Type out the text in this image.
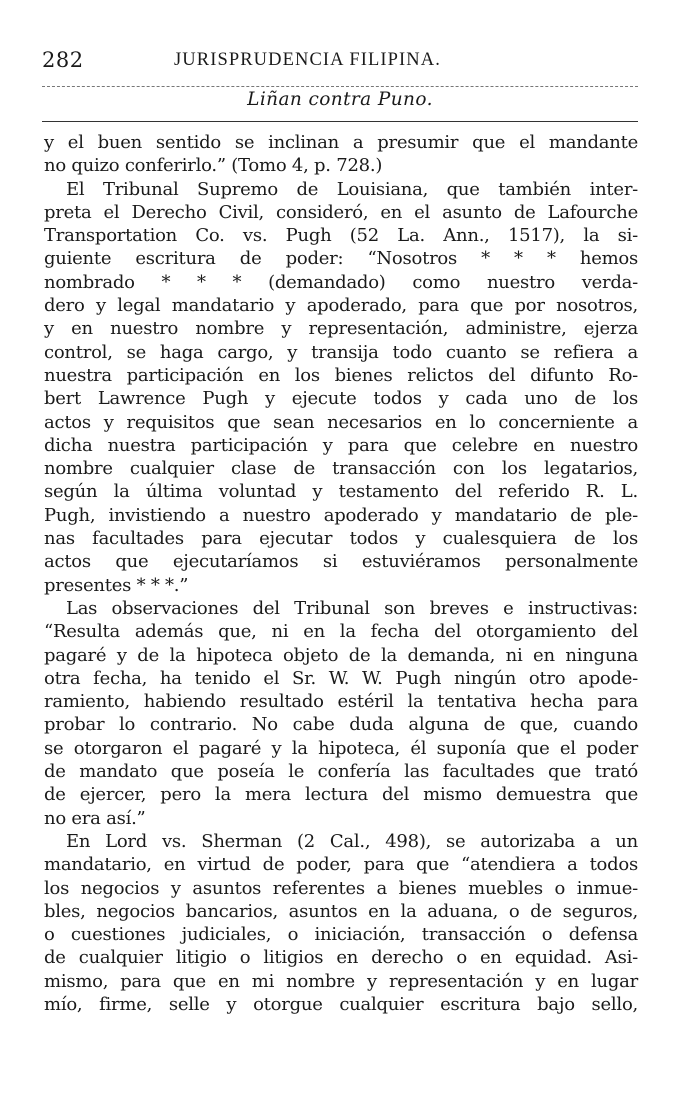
282	JURISPRUDENCIA FILIPINA.
Liñan contra Puno.
y el buen sentido se inclinan a presumir que el mandante
no quizo conferirlo.” (Tomo 4, p. 728.)
El Tribunal Supremo de Louisiana, que también inter-
preta el Derecho Civil, consideró, en el asunto de Lafourche
Transportation Co. vs. Pugh (52 La. Ann., 1517), la si-
guiente escritura de poder: “Nosotros * * * hemos
nombrado * * * (demandado) como nuestro verda-
dero y legal mandatario y apoderado, para que por nosotros,
y en nuestro nombre y representación, administre, ejerza
control, se haga cargo, y transija todo cuanto se refiera a
nuestra participación en los bienes relictos del difunto Ro-
bert Lawrence Pugh y ejecute todos y cada uno de los
actos y requisitos que sean necesarios en lo concerniente a
dicha nuestra participación y para que celebre en nuestro
nombre cualquier clase de transacción con los legatarios,
según la última voluntad y testamento del referido R. L.
Pugh, invistiendo a nuestro apoderado y mandatario de ple-
nas facultades para ejecutar todos y cualesquiera de los
actos que ejecutaríamos si estuviéramos personalmente
presentes * * *.”
Las observaciones del Tribunal son breves e instructivas:
“Resulta además que, ni en la fecha del otorgamiento del
pagaré y de la hipoteca objeto de la demanda, ni en ninguna
otra fecha, ha tenido el Sr. W. W. Pugh ningún otro apode-
ramiento, habiendo resultado estéril la tentativa hecha para
probar lo contrario. No cabe duda alguna de que, cuando
se otorgaron el pagaré y la hipoteca, él suponía que el poder
de mandato que poseía le confería las facultades que trató
de ejercer, pero la mera lectura del mismo demuestra que
no era así.”
En Lord vs. Sherman (2 Cal., 498), se autorizaba a un
mandatario, en virtud de poder, para que “atendiera a todos
los negocios y asuntos referentes a bienes muebles o inmue-
bles, negocios bancarios, asuntos en la aduana, o de seguros,
o cuestiones judiciales, o iniciación, transacción o defensa
de cualquier litigio o litigios en derecho o en equidad. Asi-
mismo, para que en mi nombre y representación y en lugar
mío, firme, selle y otorgue cualquier escritura bajo sello,
